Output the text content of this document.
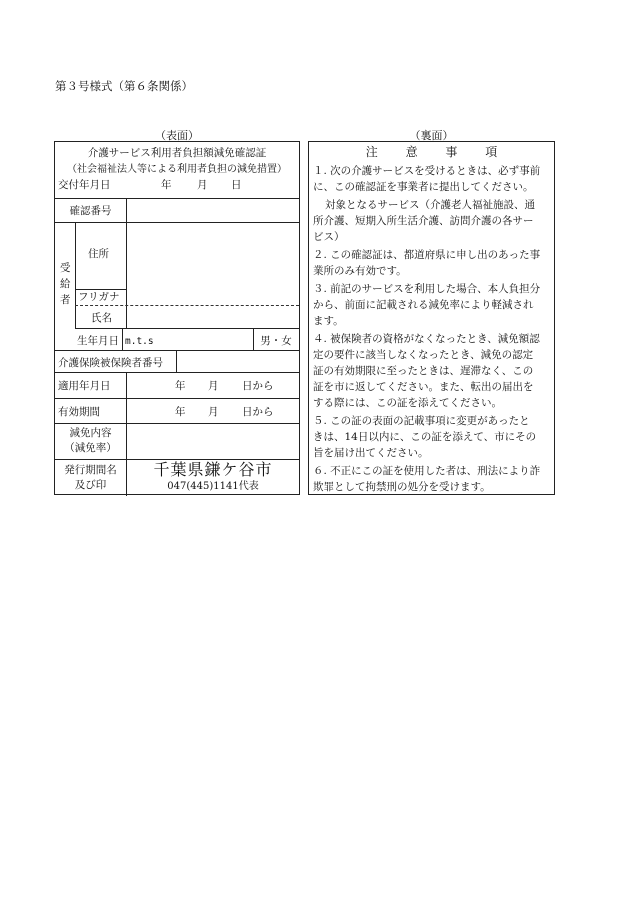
第３号様式（第６条関係）
（表面）	（裏面）
介護サービス利用者負担額減免確認証
（社会福祉法人等による利用者負担の減免措置）
交付年月日	年 月 日
確認番号
受給者
住所
フリガナ
氏名
生年月日 m.t.s	男・女
介護保険被保険者番号
適用年月日	年 月 日から
有効期間	年 月 日から
減免内容
（減免率）
発行期間名
及び印
千葉県鎌ケ谷市
047(445)1141代表
注 意 事 項
１. 次の介護サービスを受けるときは、必ず事前
に、この確認証を事業者に提出してください。
対象となるサービス（介護老人福祉施設、通
所介護、短期入所生活介護、訪問介護の各サー
ビス）
２. この確認証は、都道府県に申し出のあった事
業所のみ有効です。
３. 前記のサービスを利用した場合、本人負担分
から、前面に記載される減免率により軽減され
ます。
４. 被保険者の資格がなくなったとき、減免額認
定の要件に該当しなくなったとき、減免の認定
証の有効期限に至ったときは、遅滞なく、この
証を市に返してください。また、転出の届出を
する際には、この証を添えてください。
５. この証の表面の記載事項に変更があったと
きは、14日以内に、この証を添えて、市にその
旨を届け出てください。
６. 不正にこの証を使用した者は、刑法により詐
欺罪として拘禁刑の処分を受けます。
